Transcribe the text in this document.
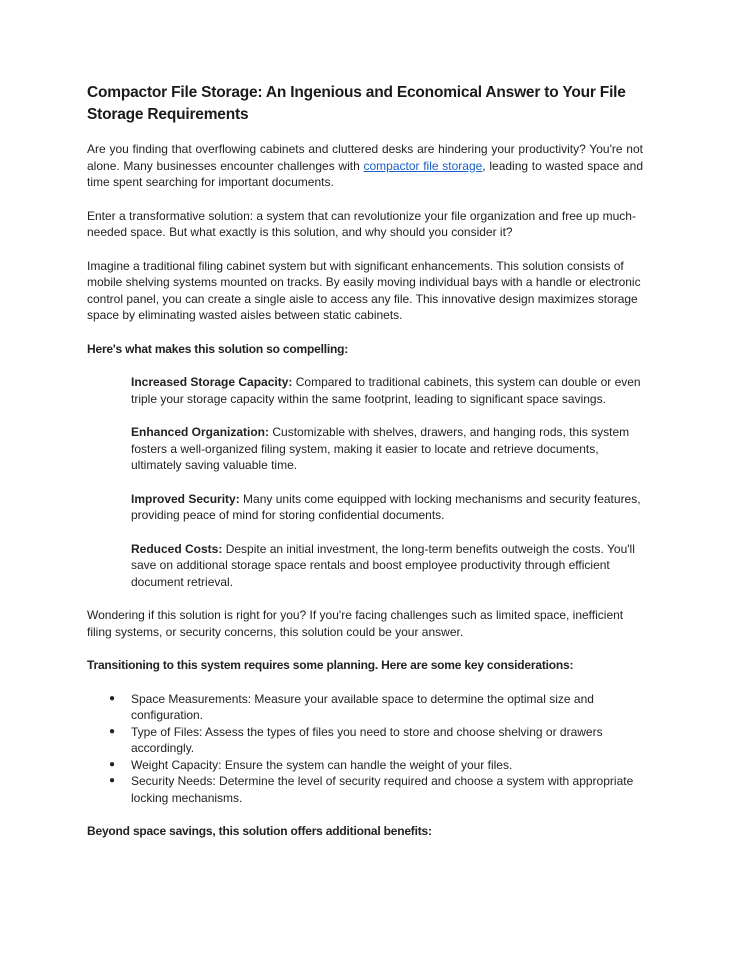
Compactor File Storage: An Ingenious and Economical Answer to Your File Storage Requirements

Are you finding that overflowing cabinets and cluttered desks are hindering your productivity? You're not alone. Many businesses encounter challenges with compactor file storage, leading to wasted space and time spent searching for important documents.

Enter a transformative solution: a system that can revolutionize your file organization and free up much-needed space. But what exactly is this solution, and why should you consider it?

Imagine a traditional filing cabinet system but with significant enhancements. This solution consists of mobile shelving systems mounted on tracks. By easily moving individual bays with a handle or electronic control panel, you can create a single aisle to access any file. This innovative design maximizes storage space by eliminating wasted aisles between static cabinets.

Here's what makes this solution so compelling:
Increased Storage Capacity: Compared to traditional cabinets, this system can double or even triple your storage capacity within the same footprint, leading to significant space savings.
Enhanced Organization: Customizable with shelves, drawers, and hanging rods, this system fosters a well-organized filing system, making it easier to locate and retrieve documents, ultimately saving valuable time.
Improved Security: Many units come equipped with locking mechanisms and security features, providing peace of mind for storing confidential documents.
Reduced Costs: Despite an initial investment, the long-term benefits outweigh the costs. You'll save on additional storage space rentals and boost employee productivity through efficient document retrieval.

Wondering if this solution is right for you? If you're facing challenges such as limited space, inefficient filing systems, or security concerns, this solution could be your answer.

Transitioning to this system requires some planning. Here are some key considerations:
● Space Measurements: Measure your available space to determine the optimal size and configuration.
● Type of Files: Assess the types of files you need to store and choose shelving or drawers accordingly.
● Weight Capacity: Ensure the system can handle the weight of your files.
● Security Needs: Determine the level of security required and choose a system with appropriate locking mechanisms.
Beyond space savings, this solution offers additional benefits:
